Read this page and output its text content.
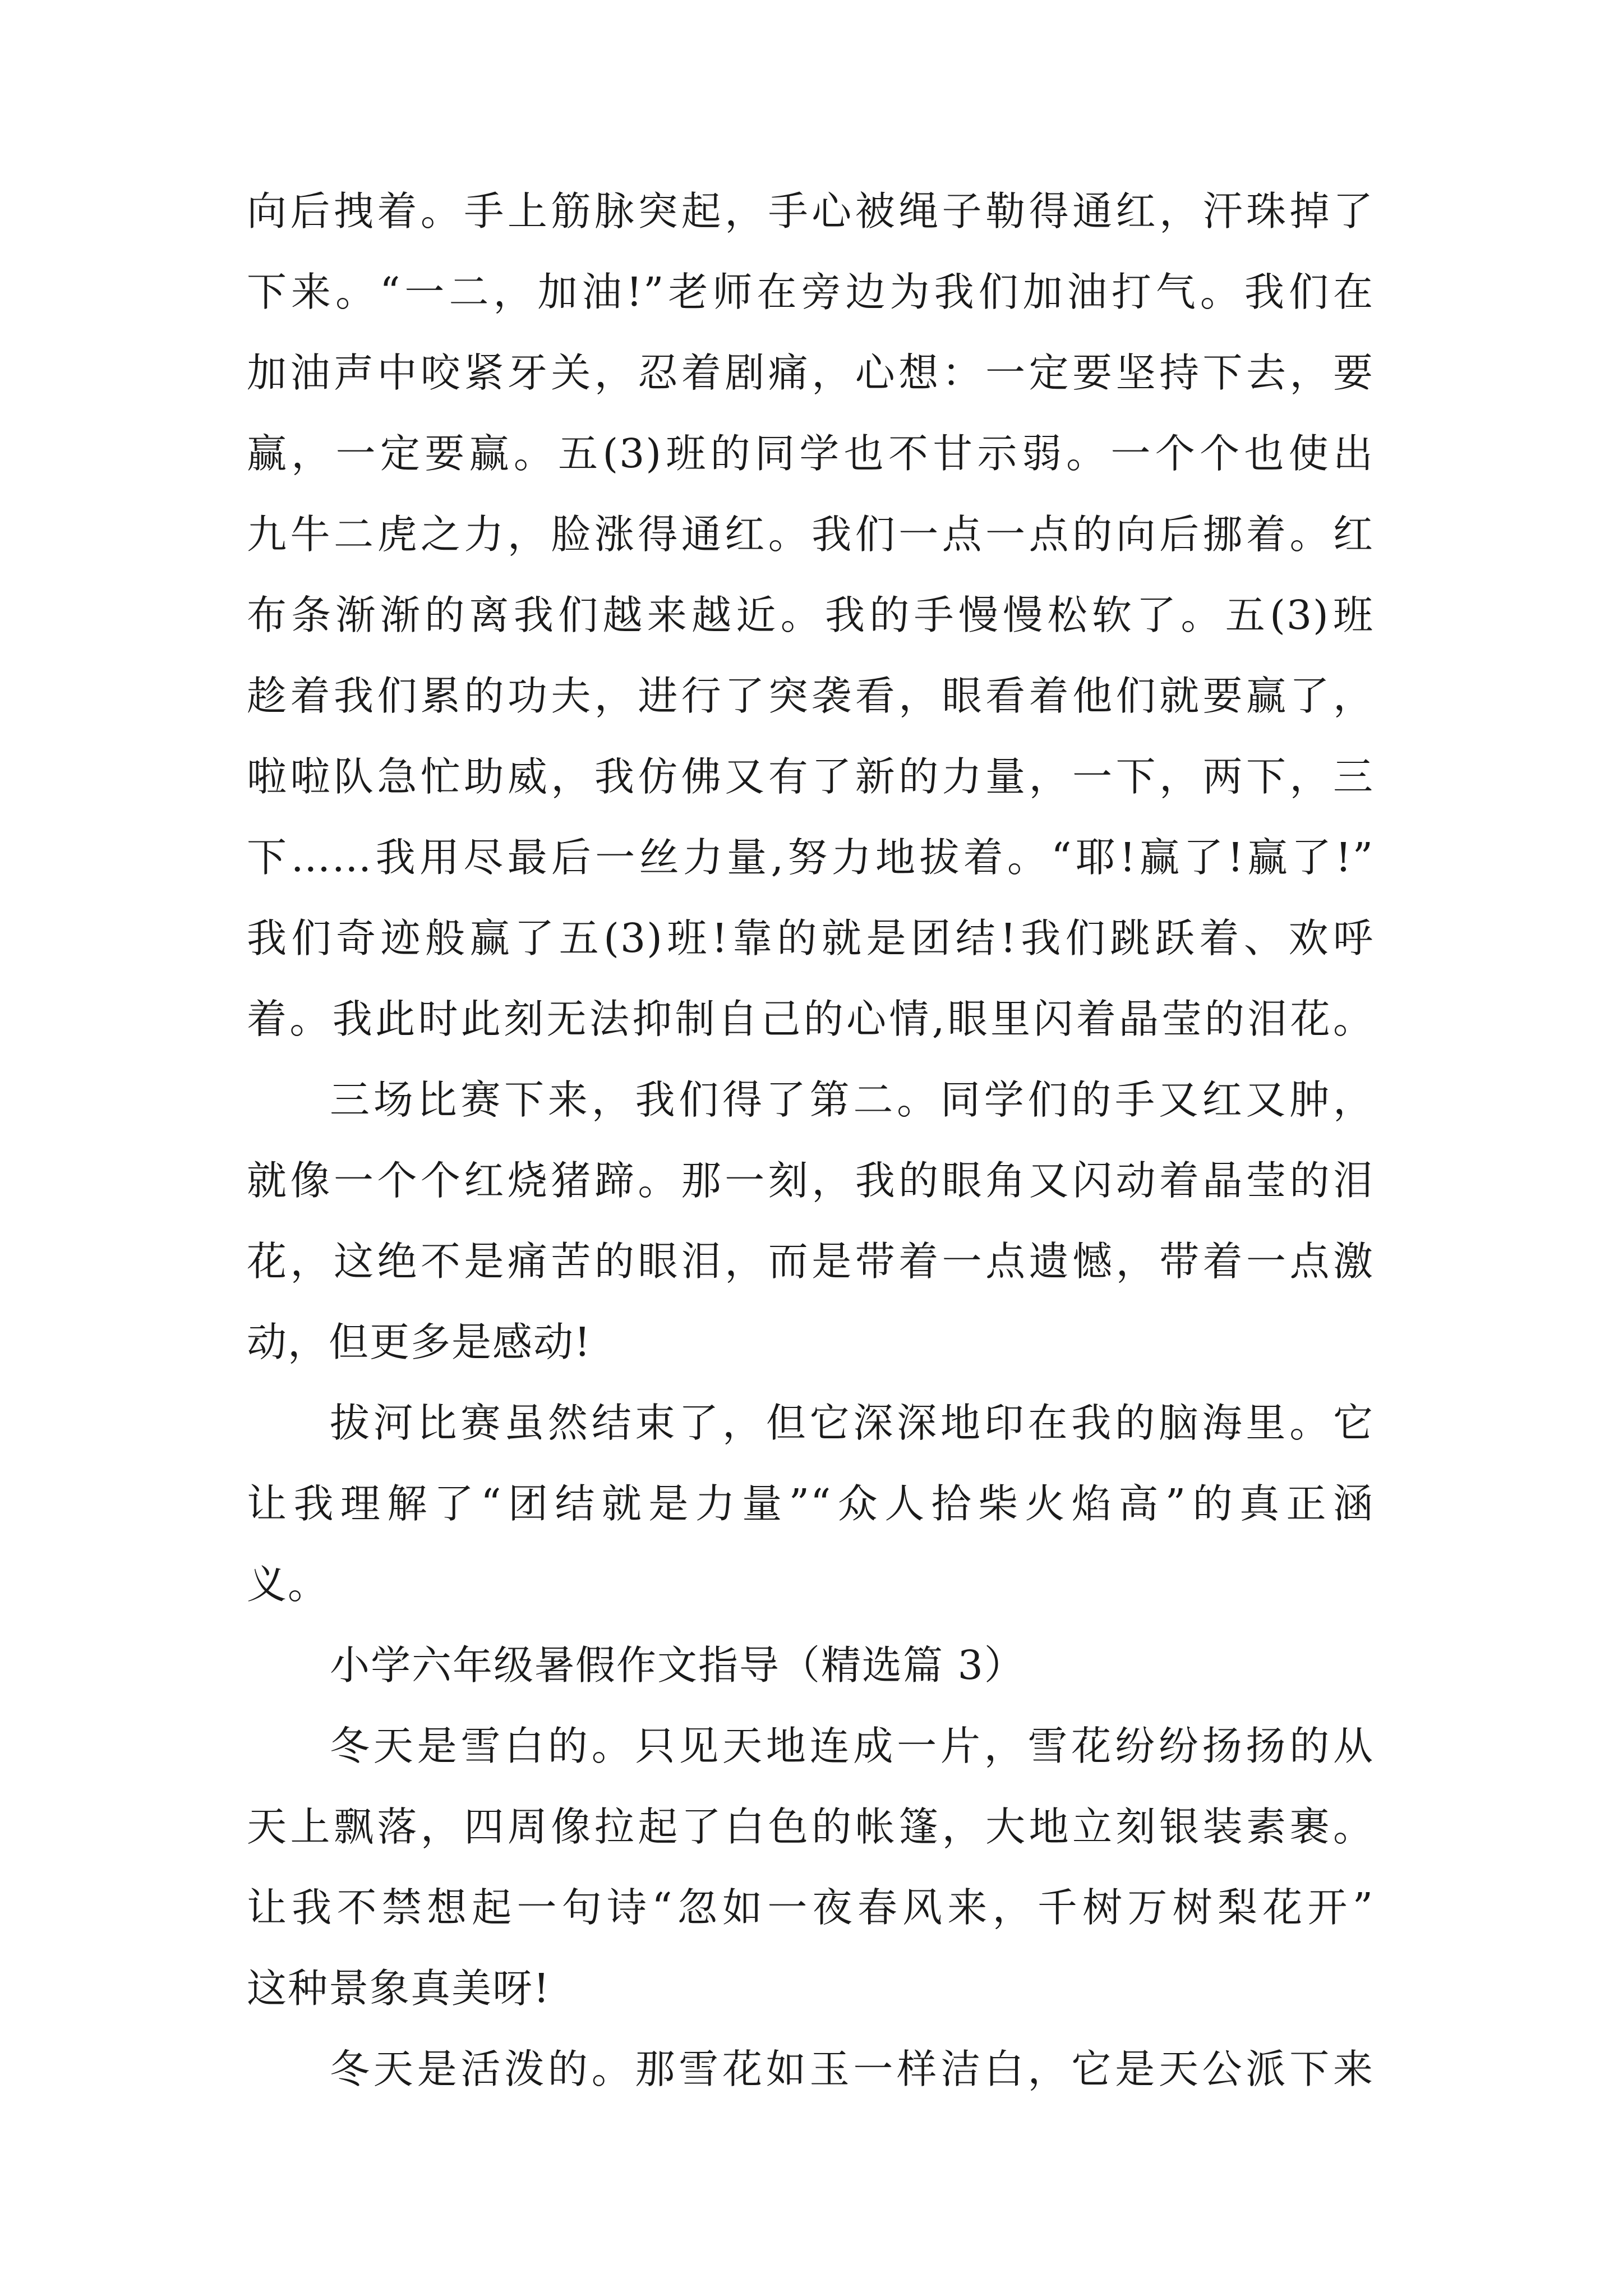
向后拽着。手上筋脉突起，手心被绳子勒得通红，汗珠掉了
下来。“一二，加油!”老师在旁边为我们加油打气。我们在
加油声中咬紧牙关，忍着剧痛，心想：一定要坚持下去，要
赢，一定要赢。五(3)班的同学也不甘示弱。一个个也使出
九牛二虎之力，脸涨得通红。我们一点一点的向后挪着。红
布条渐渐的离我们越来越近。我的手慢慢松软了。五(3)班
趁着我们累的功夫，进行了突袭看，眼看着他们就要赢了，
啦啦队急忙助威，我仿佛又有了新的力量，一下，两下，三
下……我用尽最后一丝力量,努力地拔着。“耶!赢了!赢了!”
我们奇迹般赢了五(3)班!靠的就是团结!我们跳跃着、欢呼
着。我此时此刻无法抑制自己的心情,眼里闪着晶莹的泪花。
三场比赛下来，我们得了第二。同学们的手又红又肿，
就像一个个红烧猪蹄。那一刻，我的眼角又闪动着晶莹的泪
花，这绝不是痛苦的眼泪，而是带着一点遗憾，带着一点激
动，但更多是感动!
拔河比赛虽然结束了，但它深深地印在我的脑海里。它
让我理解了“团结就是力量”“众人拾柴火焰高”的真正涵
义。
小学六年级暑假作文指导（精选篇 3）
冬天是雪白的。只见天地连成一片，雪花纷纷扬扬的从
天上飘落，四周像拉起了白色的帐篷，大地立刻银装素裹。
让我不禁想起一句诗“忽如一夜春风来，千树万树梨花开”
这种景象真美呀!
冬天是活泼的。那雪花如玉一样洁白，它是天公派下来
